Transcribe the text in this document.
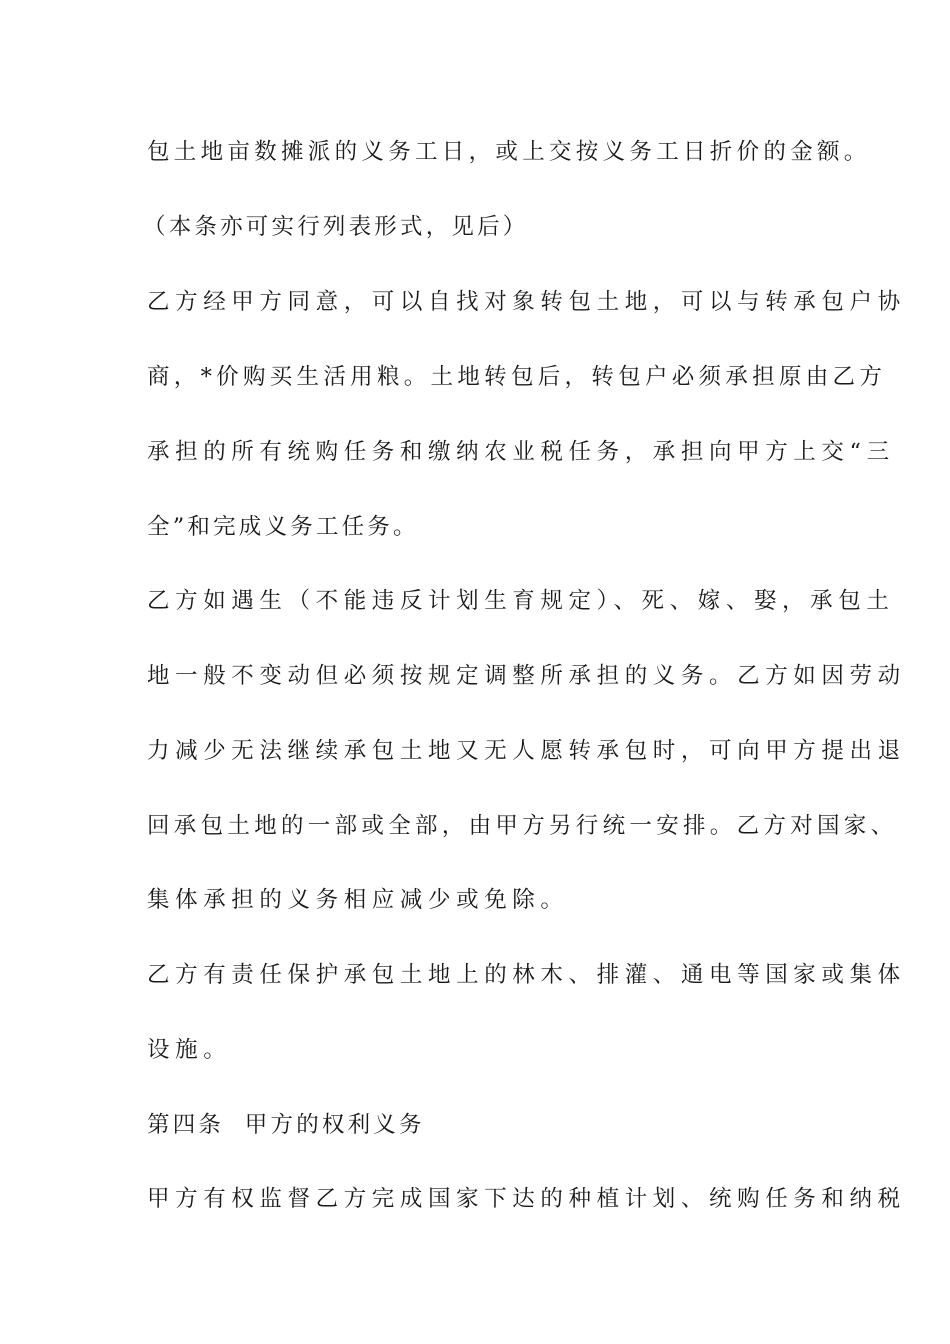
包土地亩数摊派的义务工日，或上交按义务工日折价的金额。
（本条亦可实行列表形式，见后）
乙方经甲方同意，可以自找对象转包土地，可以与转承包户协
商，*价购买生活用粮。土地转包后，转包户必须承担原由乙方
承担的所有统购任务和缴纳农业税任务，承担向甲方上交“三
全”和完成义务工任务。
乙方如遇生（不能违反计划生育规定）、死、嫁、娶，承包土
地一般不变动但必须按规定调整所承担的义务。乙方如因劳动
力减少无法继续承包土地又无人愿转承包时，可向甲方提出退
回承包土地的一部或全部，由甲方另行统一安排。乙方对国家、
集体承担的义务相应减少或免除。
乙方有责任保护承包土地上的林木、排灌、通电等国家或集体
设施。
第四条  甲方的权利义务
甲方有权监督乙方完成国家下达的种植计划、统购任务和纳税
